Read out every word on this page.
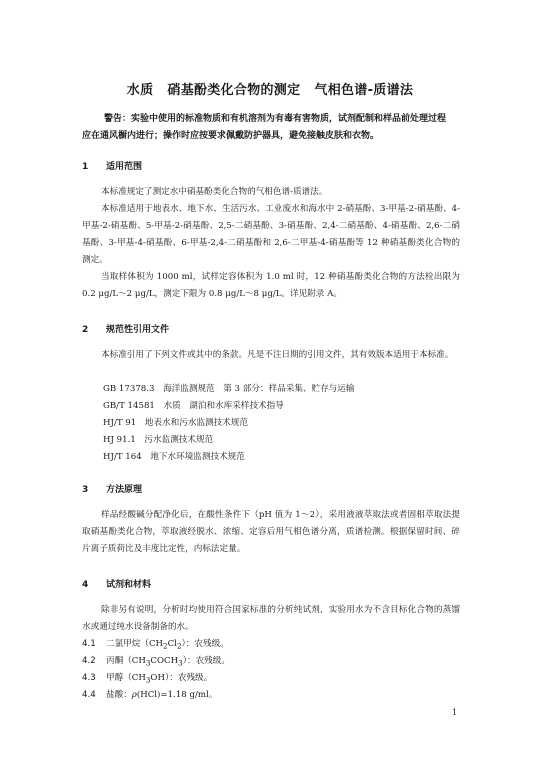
水质 硝基酚类化合物的测定 气相色谱-质谱法
警告：实验中使用的标准物质和有机溶剂为有毒有害物质，试剂配制和样品前处理过程
应在通风橱内进行；操作时应按要求佩戴防护器具，避免接触皮肤和衣物。
1 适用范围
本标准规定了测定水中硝基酚类化合物的气相色谱-质谱法。
本标准适用于地表水、地下水、生活污水、工业废水和海水中 2-硝基酚、3-甲基-2-硝基酚、4-甲基-2-硝基酚、5-甲基-2-硝基酚、2,5-二硝基酚、3-硝基酚、2,4-二硝基酚、4-硝基酚、2,6-二硝基酚、3-甲基-4-硝基酚、6-甲基-2,4-二硝基酚和 2,6-二甲基-4-硝基酚等 12 种硝基酚类化合物的测定。
当取样体积为 1000 ml，试样定容体积为 1.0 ml 时，12 种硝基酚类化合物的方法检出限为 0.2 μg/L～2 μg/L，测定下限为 0.8 μg/L～8 μg/L。详见附录 A。
2 规范性引用文件
本标准引用了下列文件或其中的条款。凡是不注日期的引用文件，其有效版本适用于本标准。
GB 17378.3　 海洋监测规范　第 3 部分：样品采集、贮存与运输
GB/T 14581　 水质　湖泊和水库采样技术指导
HJ/T 91　 地表水和污水监测技术规范
HJ 91.1　 污水监测技术规范
HJ/T 164　 地下水环境监测技术规范
3 方法原理
样品经酸碱分配净化后，在酸性条件下（pH 值为 1～2），采用液液萃取法或者固相萃取法提取硝基酚类化合物，萃取液经脱水、浓缩、定容后用气相色谱分离，质谱检测。根据保留时间、碎片离子质荷比及丰度比定性，内标法定量。
4 试剂和材料
除非另有说明，分析时均使用符合国家标准的分析纯试剂，实验用水为不含目标化合物的蒸馏水或通过纯水设备制备的水。
4.1 二氯甲烷$(CH_2Cl_2)$：农残级。
4.2 丙酮$(CH_3COCH_3)$：农残级。
4.3 甲醇$(CH_3OH)$：农残级。
4.4 盐酸：ρ(HCl)=1.18 g/ml。
1
